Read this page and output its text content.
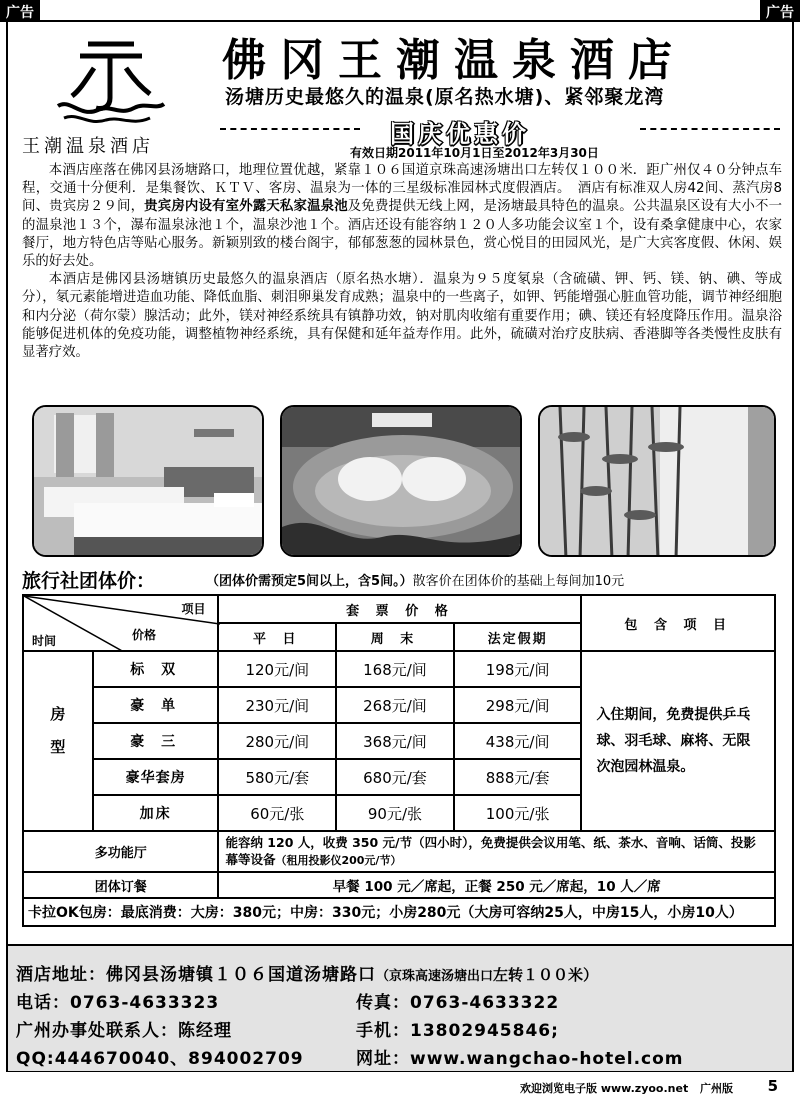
广告	广告
王潮温泉酒店
佛冈王潮温泉酒店
汤塘历史最悠久的温泉(原名热水塘)、紧邻聚龙湾
国庆优惠价
有效日期2011年10月1日至2012年3月30日

本酒店座落在佛冈县汤塘路口，地理位置优越，紧靠１０６国道京珠高速汤塘出口左转仅１００米．距广州仅４０分钟点车程，交通十分便利．是集餐饮、ＫＴＶ、客房、温泉为一体的三星级标准园林式度假酒店。　酒店有标准双人房42间、蒸汽房8间、贵宾房２９间，贵宾房内设有室外露天私家温泉池及免费提供无线上网，是汤塘最具特色的温泉。公共温泉区设有大小不一的温泉池１３个，瀑布温泉泳池１个，温泉沙池１个。酒店还设有能容纳１２０人多功能会议室１个，设有桑拿健康中心，农家餐厅，地方特色店等贴心服务。新颖别致的楼台阁宇，郁郁葱葱的园林景色，赏心悦目的田园风光，是广大宾客度假、休闲、娱乐的好去处。

本酒店是佛冈县汤塘镇历史最悠久的温泉酒店（原名热水塘）．温泉为９５度氡泉（含硫磺、钾、钙、镁、钠、碘、等成分），氡元素能增进造血功能、降低血脂、刺泪卵巢发育成熟；温泉中的一些离子，如钾、钙能增强心脏血管功能，调节神经细胞和内分泌（荷尔蒙）腺活动；此外，镁对神经系统具有镇静功效，钠对肌肉收缩有重要作用；碘、镁还有轻度降压作用。温泉浴能够促进机体的免疫功能，调整植物神经系统，具有保健和延年益寿作用。此外，硫磺对治疗皮肤病、香港脚等各类慢性皮肤有显著疗效。

旅行社团体价：	（团体价需预定5间以上，含5间。）散客价在团体价的基础上每间加10元
项目
价格
时间		套 票 价 格			包 含 项 目
		平 日	周 末	法定假期	
房型	标 双	120元/间	168元/间	198元/间	入住期间，免费提供乒乓球、羽毛球、麻将、无限次泡园林温泉。
	豪 单	230元/间	268元/间	298元/间	
	豪 三	280元/间	368元/间	438元/间	
	豪华套房	580元/套	680元/套	888元/套	
	加床	60元/张	90元/张	100元/张	
多功能厅		能容纳 120 人，收费 350 元/节（四小时），免费提供会议用笔、纸、茶水、音响、话筒、投影幕等设备（租用投影仪200元/节）			
团体订餐		早餐 100 元／席起，正餐 250 元／席起，10 人／席			
卡拉OK包房：最底消费：大房：380元；中房：330元；小房280元（大房可容纳25人，中房15人，小房10人）					
酒店地址：佛冈县汤塘镇１０６国道汤塘路口（京珠高速汤塘出口左转１００米）
电话：0763-4633323	传真：0763-4633322
广州办事处联系人：陈经理	手机：13802945846;
QQ:444670040、894002709	网址：www.wangchao-hotel.com
欢迎浏览电子版 www.zyoo.net 广州版 5
